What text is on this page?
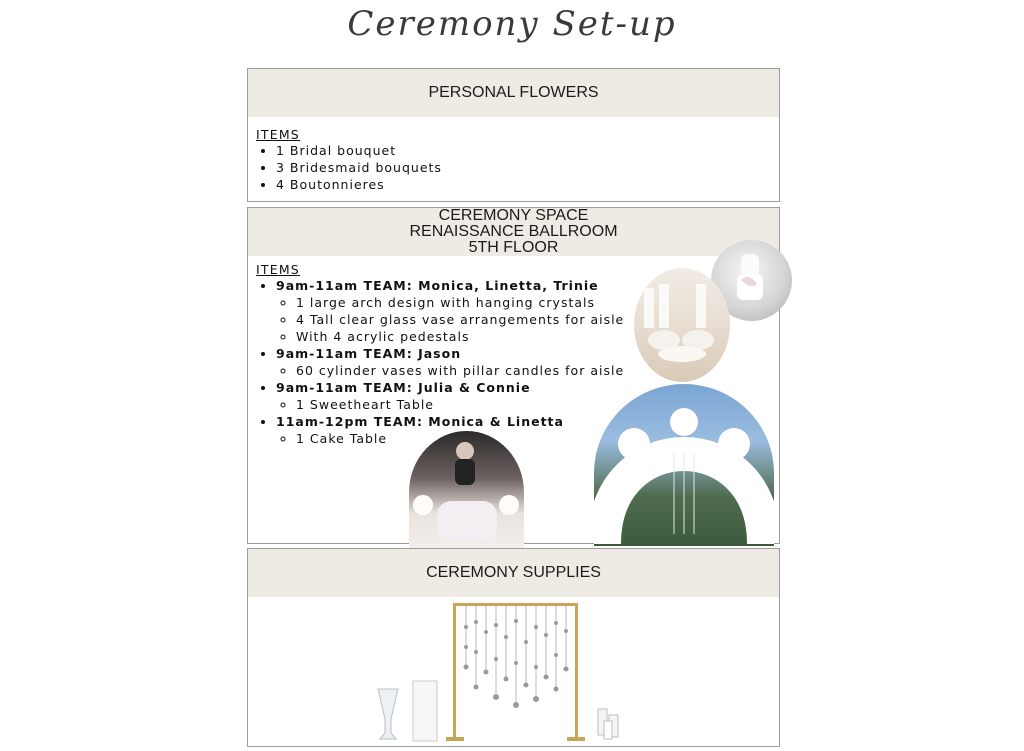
Ceremony Set-up
PERSONAL FLOWERS
ITEMS
• 1 Bridal bouquet
• 3 Bridesmaid bouquets
• 4 Boutonnieres
CEREMONY SPACE
RENAISSANCE BALLROOM
5TH FLOOR
ITEMS
• 9am-11am TEAM: Monica, Linetta, Trinie
◦ 1 large arch design with hanging crystals
◦ 4 Tall clear glass vase arrangements for aisle
◦ With 4 acrylic pedestals
• 9am-11am TEAM: Jason
◦ 60 cylinder vases with pillar candles for aisle
• 9am-11am TEAM: Julia & Connie
◦ 1 Sweetheart Table
• 11am-12pm TEAM: Monica & Linetta
◦ 1 Cake Table
CEREMONY SUPPLIES
